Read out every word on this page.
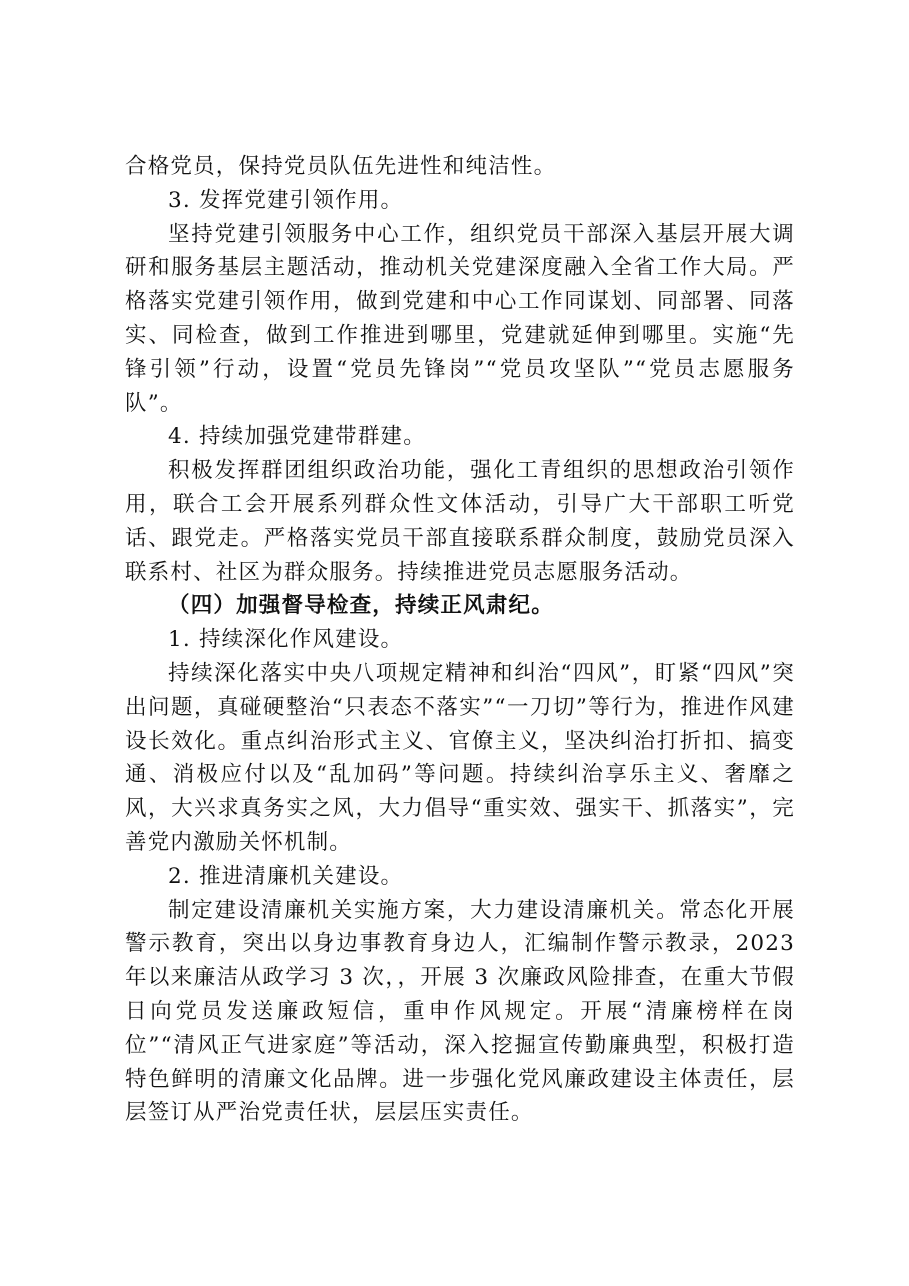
合格党员，保持党员队伍先进性和纯洁性。

3. 发挥党建引领作用。

坚持党建引领服务中心工作，组织党员干部深入基层开展大调研和服务基层主题活动，推动机关党建深度融入全省工作大局。严格落实党建引领作用，做到党建和中心工作同谋划、同部署、同落实、同检查，做到工作推进到哪里，党建就延伸到哪里。实施“先锋引领”行动，设置“党员先锋岗”“党员攻坚队”“党员志愿服务队”。

4. 持续加强党建带群建。

积极发挥群团组织政治功能，强化工青组织的思想政治引领作用，联合工会开展系列群众性文体活动，引导广大干部职工听党话、跟党走。严格落实党员干部直接联系群众制度，鼓励党员深入联系村、社区为群众服务。持续推进党员志愿服务活动。

（四）加强督导检查，持续正风肃纪。

1. 持续深化作风建设。

持续深化落实中央八项规定精神和纠治“四风”，盯紧“四风”突出问题，真碰硬整治“只表态不落实”“一刀切”等行为，推进作风建设长效化。重点纠治形式主义、官僚主义，坚决纠治打折扣、搞变通、消极应付以及“乱加码”等问题。持续纠治享乐主义、奢靡之风，大兴求真务实之风，大力倡导“重实效、强实干、抓落实”，完善党内激励关怀机制。

2. 推进清廉机关建设。

制定建设清廉机关实施方案，大力建设清廉机关。常态化开展警示教育，突出以身边事教育身边人，汇编制作警示教录，2023 年以来廉洁从政学习 3 次，，开展 3 次廉政风险排查，在重大节假日向党员发送廉政短信，重申作风规定。开展“清廉榜样在岗位”“清风正气进家庭”等活动，深入挖掘宣传勤廉典型，积极打造特色鲜明的清廉文化品牌。进一步强化党风廉政建设主体责任，层层签订从严治党责任状，层层压实责任。
